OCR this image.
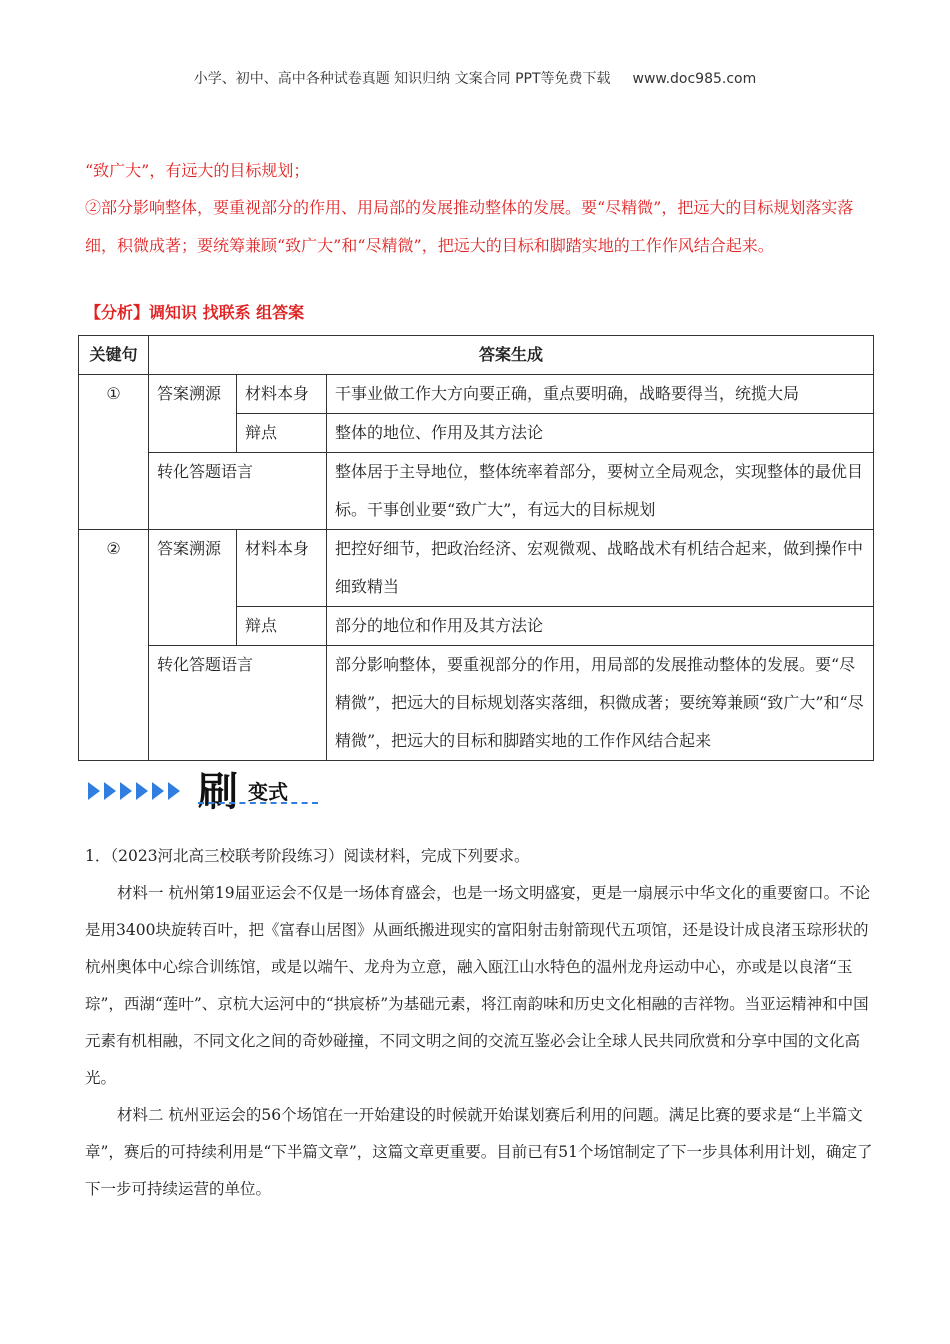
小学、初中、高中各种试卷真题 知识归纳 文案合同 PPT等免费下载 www.doc985.com

“致广大”，有远大的目标规划；

②部分影响整体，要重视部分的作用、用局部的发展推动整体的发展。要“尽精微”，把远大的目标规划落实落细，积微成著；要统筹兼顾“致广大”和“尽精微”，把远大的目标和脚踏实地的工作作风结合起来。

【分析】调知识 找联系 组答案
关键句	答案生成		
①	答案溯源	材料本身	干事业做工作大方向要正确，重点要明确，战略要得当，统揽大局
		辩点	整体的地位、作用及其方法论
	转化答题语言		整体居于主导地位，整体统率着部分，要树立全局观念，实现整体的最优目标。干事创业要“致广大”，有远大的目标规划
②	答案溯源	材料本身	把控好细节，把政治经济、宏观微观、战略战术有机结合起来，做到操作中细致精当
		辩点	部分的地位和作用及其方法论
	转化答题语言		部分影响整体，要重视部分的作用，用局部的发展推动整体的发展。要“尽精微”，把远大的目标规划落实落细，积微成著；要统筹兼顾“致广大”和“尽精微”，把远大的目标和脚踏实地的工作作风结合起来
刷 变式

1．（2023河北高三校联考阶段练习）阅读材料，完成下列要求。

材料一 杭州第19届亚运会不仅是一场体育盛会，也是一场文明盛宴，更是一扇展示中华文化的重要窗口。不论是用3400块旋转百叶，把《富春山居图》从画纸搬进现实的富阳射击射箭现代五项馆，还是设计成良渚玉琮形状的杭州奥体中心综合训练馆，或是以端午、龙舟为立意，融入瓯江山水特色的温州龙舟运动中心，亦或是以良渚“玉琮”，西湖“莲叶”、京杭大运河中的“拱宸桥”为基础元素，将江南韵味和历史文化相融的吉祥物。当亚运精神和中国元素有机相融，不同文化之间的奇妙碰撞，不同文明之间的交流互鉴必会让全球人民共同欣赏和分享中国的文化高光。

材料二 杭州亚运会的56个场馆在一开始建设的时候就开始谋划赛后利用的问题。满足比赛的要求是“上半篇文章”，赛后的可持续利用是“下半篇文章”，这篇文章更重要。目前已有51个场馆制定了下一步具体利用计划，确定了下一步可持续运营的单位。
